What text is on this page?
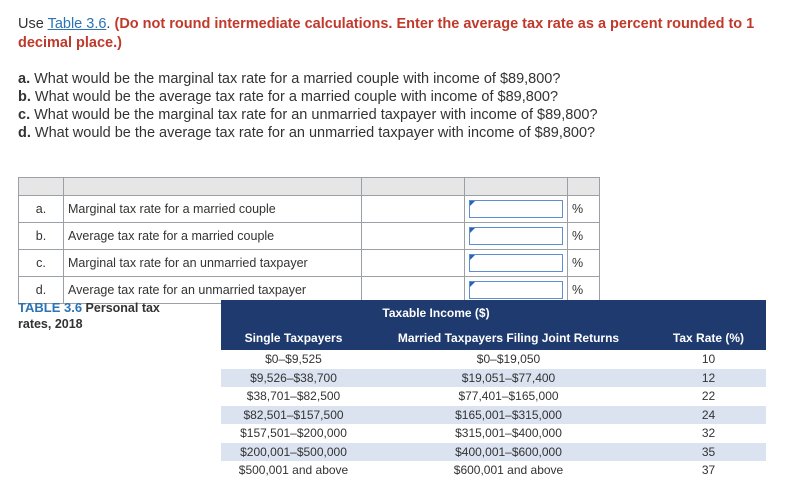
Use Table 3.6. (Do not round intermediate calculations. Enter the average tax rate as a percent rounded to 1 decimal place.)
a. What would be the marginal tax rate for a married couple with income of $89,800?
b. What would be the average tax rate for a married couple with income of $89,800?
c. What would be the marginal tax rate for an unmarried taxpayer with income of $89,800?
d. What would be the average tax rate for an unmarried taxpayer with income of $89,800?

a.	Marginal tax rate for a married couple			%
b.	Average tax rate for a married couple			%
c.	Marginal tax rate for an unmarried taxpayer			%
d.	Average tax rate for an unmarried taxpayer			%
TABLE 3.6 Personal tax rates, 2018
Taxable Income ($)		
Single Taxpayers	Married Taxpayers Filing Joint Returns	Tax Rate (%)
$0–$9,525	$0–$19,050	10
$9,526–$38,700	$19,051–$77,400	12
$38,701–$82,500	$77,401–$165,000	22
$82,501–$157,500	$165,001–$315,000	24
$157,501–$200,000	$315,001–$400,000	32
$200,001–$500,000	$400,001–$600,000	35
$500,001 and above	$600,001 and above	37
